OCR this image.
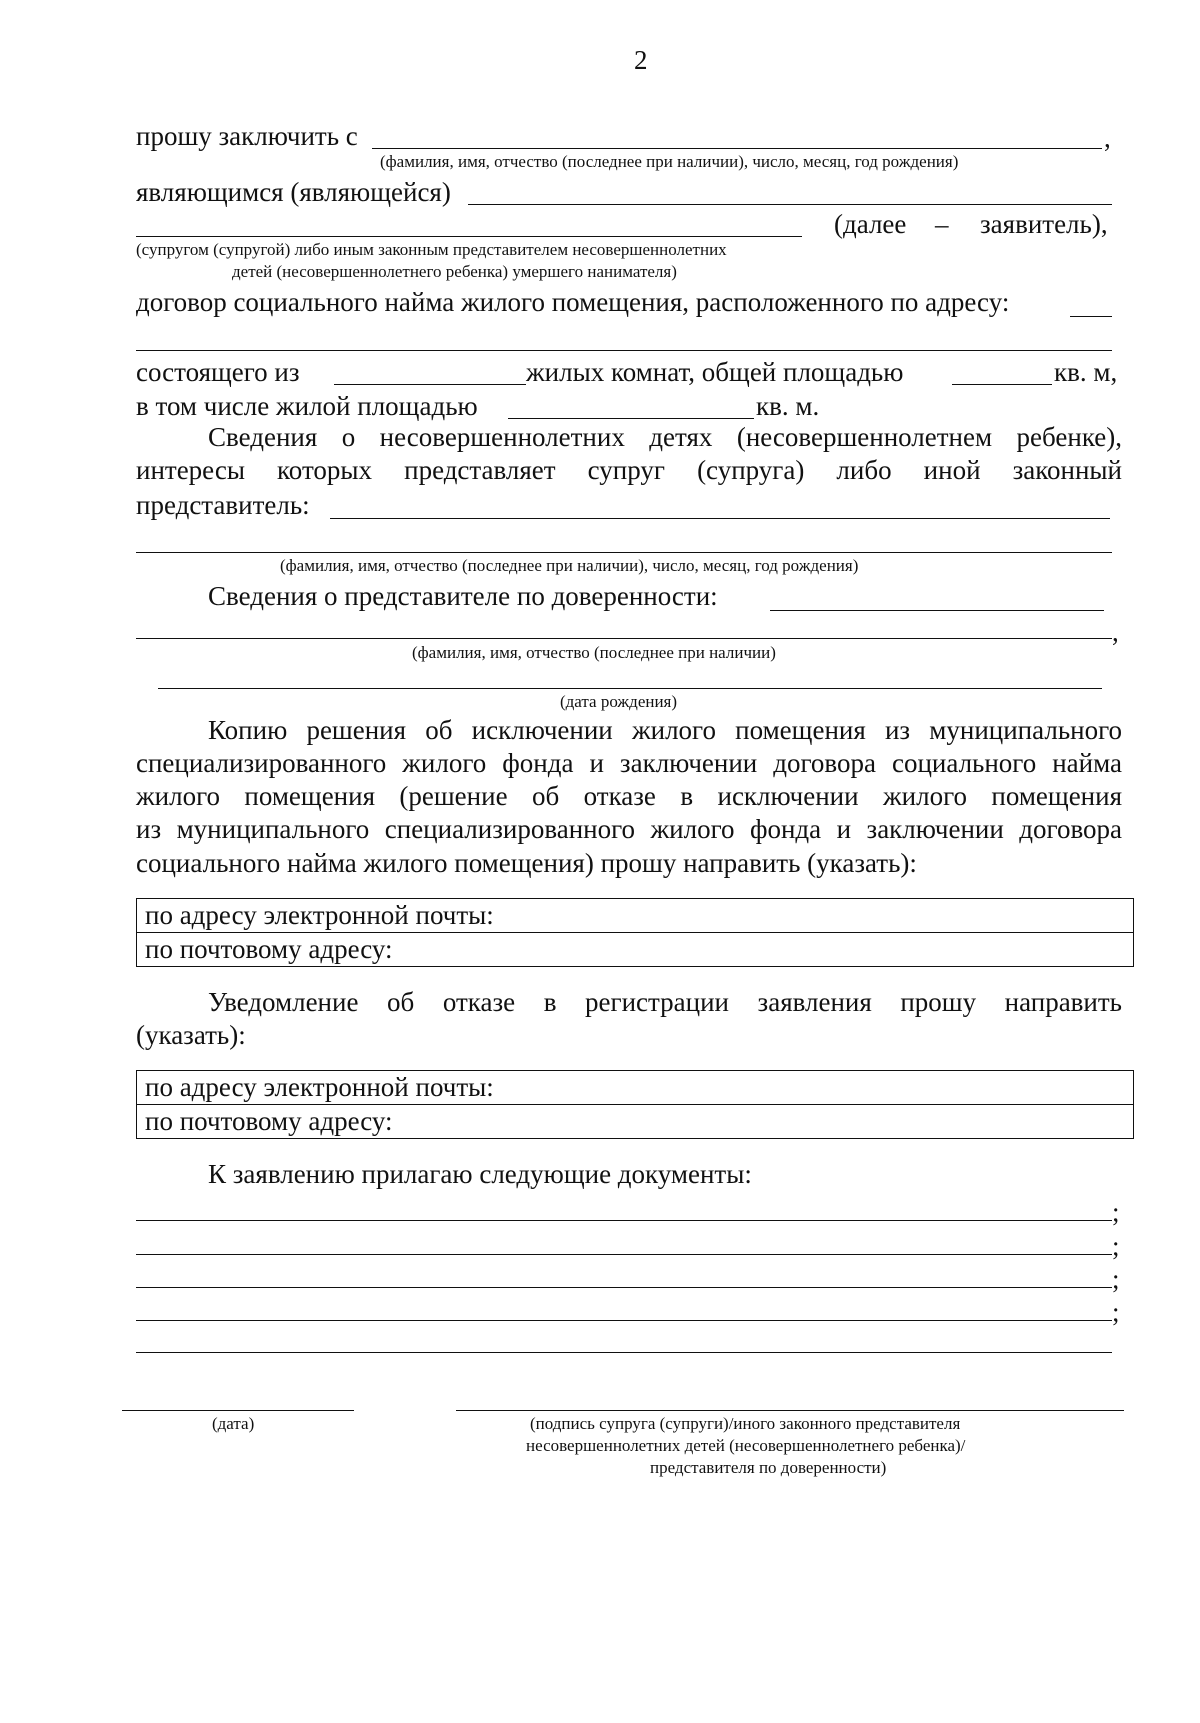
2
прошу заключить с	,
(фамилия, имя, отчество (последнее при наличии), число, месяц, год рождения)
являющимся (являющейся)
(далее – заявитель),
(супругом (супругой) либо иным законным представителем несовершеннолетних
детей (несовершеннолетнего ребенка) умершего нанимателя)
договор социального найма жилого помещения, расположенного по адресу:
состоящего из	жилых комнат, общей площадью	кв. м,
в том числе жилой площадью	кв. м.
Сведения о несовершеннолетних детях (несовершеннолетнем ребенке),
интересы которых представляет супруг (супруга) либо иной законный
представитель:
(фамилия, имя, отчество (последнее при наличии), число, месяц, год рождения)
Сведения о представителе по доверенности:
,
(фамилия, имя, отчество (последнее при наличии)
(дата рождения)
Копию решения об исключении жилого помещения из муниципального
специализированного жилого фонда и заключении договора социального найма
жилого помещения (решение об отказе в исключении жилого помещения
из муниципального специализированного жилого фонда и заключении договора
социального найма жилого помещения) прошу направить (указать):
по адресу электронной почты:
по почтовому адресу:
Уведомление об отказе в регистрации заявления прошу направить
(указать):
по адресу электронной почты:
по почтовому адресу:
К заявлению прилагаю следующие документы:
;
;
;
;
(дата)	(подпись супруга (супруги)/иного законного представителя
несовершеннолетних детей (несовершеннолетнего ребенка)/
представителя по доверенности)
